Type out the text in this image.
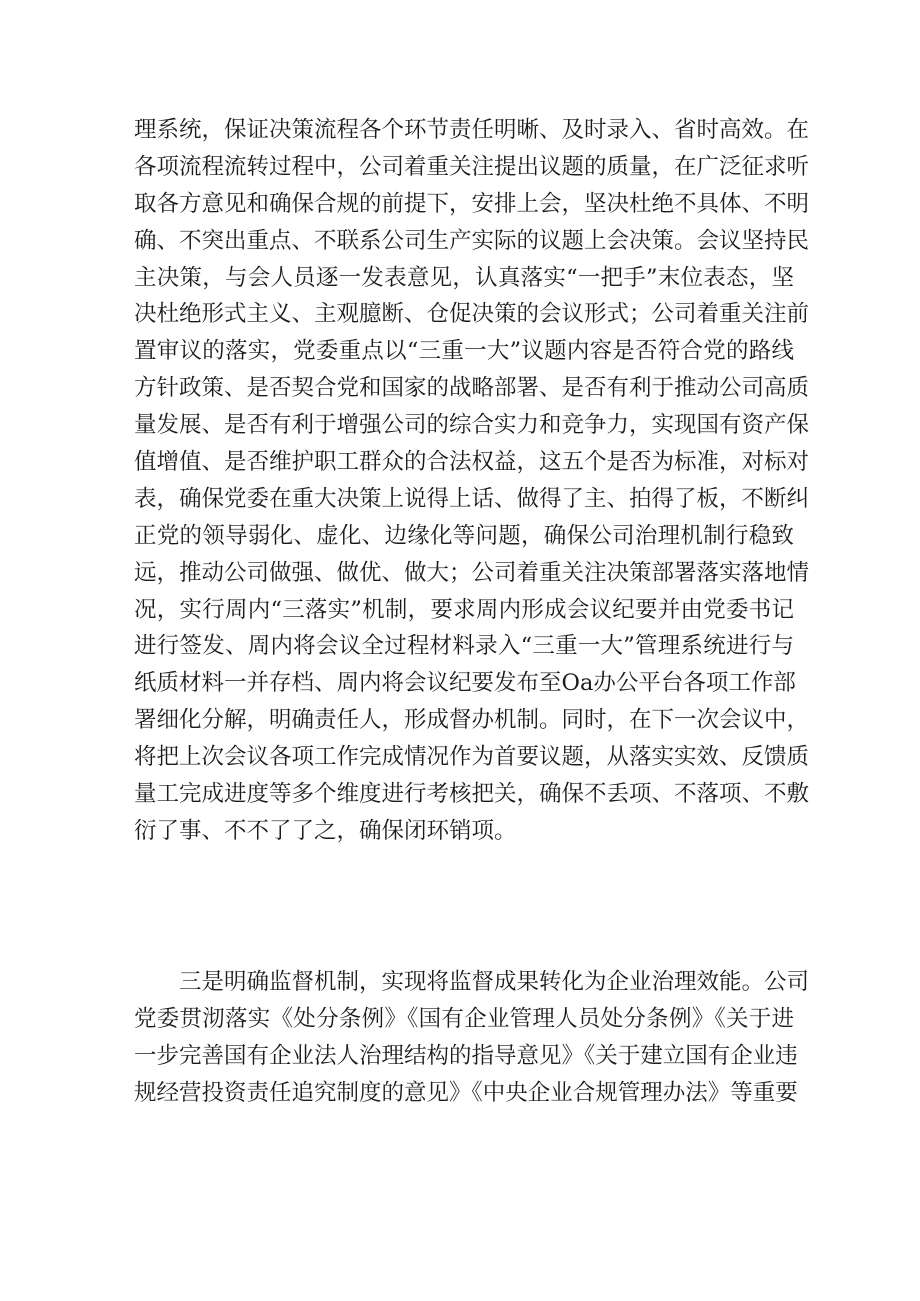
理系统，保证决策流程各个环节责任明晰、及时录入、省时高效。在
各项流程流转过程中，公司着重关注提出议题的质量，在广泛征求听
取各方意见和确保合规的前提下，安排上会，坚决杜绝不具体、不明
确、不突出重点、不联系公司生产实际的议题上会决策。会议坚持民
主决策，与会人员逐一发表意见，认真落实“一把手”末位表态，坚
决杜绝形式主义、主观臆断、仓促决策的会议形式；公司着重关注前
置审议的落实，党委重点以“三重一大”议题内容是否符合党的路线
方针政策、是否契合党和国家的战略部署、是否有利于推动公司高质
量发展、是否有利于增强公司的综合实力和竞争力，实现国有资产保
值增值、是否维护职工群众的合法权益，这五个是否为标准，对标对
表，确保党委在重大决策上说得上话、做得了主、拍得了板，不断纠
正党的领导弱化、虚化、边缘化等问题，确保公司治理机制行稳致
远，推动公司做强、做优、做大；公司着重关注决策部署落实落地情
况，实行周内“三落实”机制，要求周内形成会议纪要并由党委书记
进行签发、周内将会议全过程材料录入“三重一大”管理系统进行与
纸质材料一并存档、周内将会议纪要发布至Oa办公平台各项工作部
署细化分解，明确责任人，形成督办机制。同时，在下一次会议中，
将把上次会议各项工作完成情况作为首要议题，从落实实效、反馈质
量工完成进度等多个维度进行考核把关，确保不丢项、不落项、不敷
衍了事、不不了了之，确保闭环销项。
三是明确监督机制，实现将监督成果转化为企业治理效能。公司
党委贯沏落实《处分条例》《国有企业管理人员处分条例》《关于进
一步完善国有企业法人治理结构的指导意见》《关于建立国有企业违
规经营投资责任追究制度的意见》《中央企业合规管理办法》等重要
